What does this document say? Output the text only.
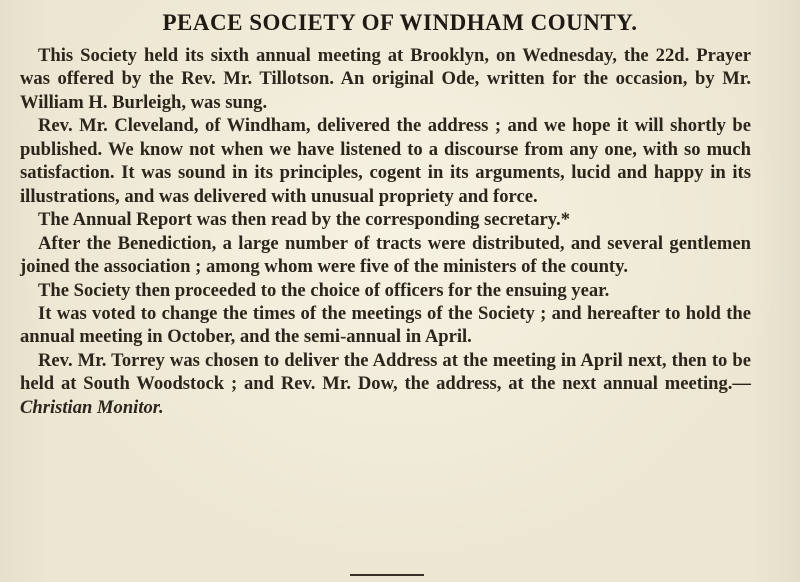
PEACE SOCIETY OF WINDHAM COUNTY.

This Society held its sixth annual meeting at Brooklyn, on Wednesday, the 22d. Prayer was offered by the Rev. Mr. Tillotson. An original Ode, written for the occasion, by Mr. William H. Burleigh, was sung.

Rev. Mr. Cleveland, of Windham, delivered the address ; and we hope it will shortly be published. We know not when we have listened to a discourse from any one, with so much satisfaction. It was sound in its principles, cogent in its arguments, lucid and happy in its illustrations, and was delivered with unusual propriety and force.

The Annual Report was then read by the corresponding secretary.*

After the Benediction, a large number of tracts were distributed, and several gentlemen joined the association ; among whom were five of the ministers of the county.

The Society then proceeded to the choice of officers for the ensuing year.

It was voted to change the times of the meetings of the Society ; and hereafter to hold the annual meeting in October, and the semi-annual in April.

Rev. Mr. Torrey was chosen to deliver the Address at the meeting in April next, then to be held at South Woodstock ; and Rev. Mr. Dow, the address, at the next annual meeting.—Christian Monitor.
